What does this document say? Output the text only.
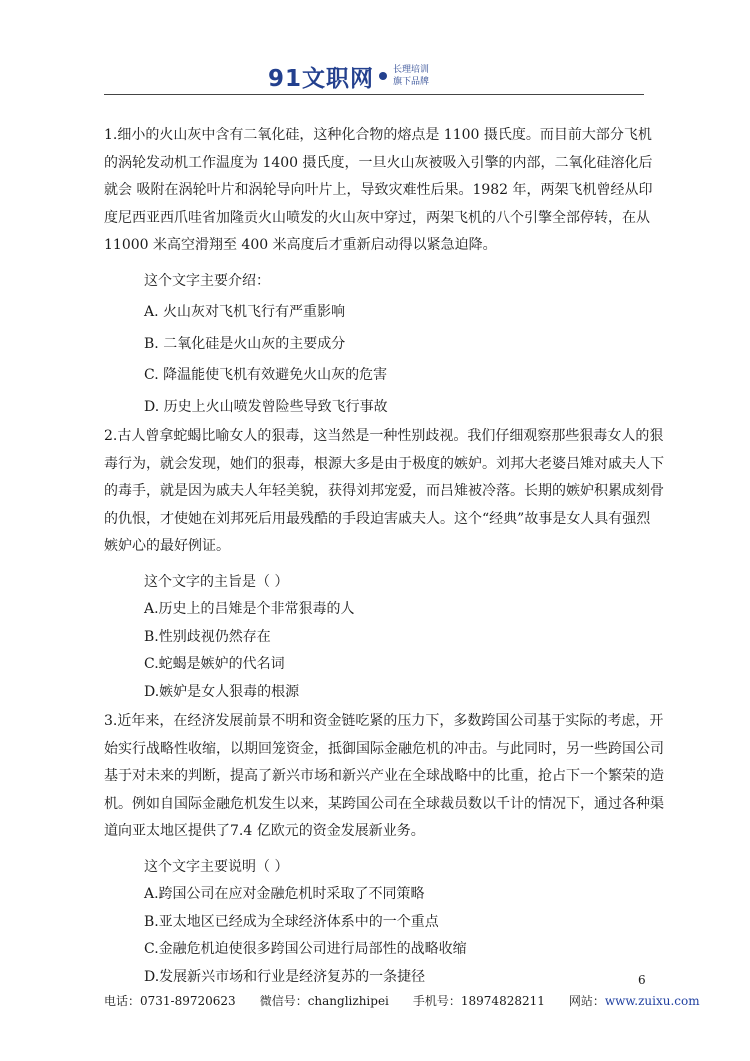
91文职网 长理培训
旗下品牌

1.细小的火山灰中含有二氧化硅，这种化合物的熔点是 1100 摄氏度。而目前大部分飞机
的涡轮发动机工作温度为 1400 摄氏度，一旦火山灰被吸入引擎的内部，二氧化硅溶化后
就会 吸附在涡轮叶片和涡轮导向叶片上，导致灾难性后果。1982 年，两架飞机曾经从印
度尼西亚西爪哇省加隆贡火山喷发的火山灰中穿过，两架飞机的八个引擎全部停转，在从
11000 米高空滑翔至 400 米高度后才重新启动得以紧急迫降。

这个文字主要介绍：

A. 火山灰对飞机飞行有严重影响

B. 二氧化硅是火山灰的主要成分

C. 降温能使飞机有效避免火山灰的危害

D. 历史上火山喷发曾险些导致飞行事故

2.古人曾拿蛇蝎比喻女人的狠毒，这当然是一种性别歧视。我们仔细观察那些狠毒女人的狠
毒行为，就会发现，她们的狠毒，根源大多是由于极度的嫉妒。刘邦大老婆吕雉对戚夫人下
的毒手，就是因为戚夫人年轻美貌，获得刘邦宠爱，而吕雉被冷落。长期的嫉妒积累成刻骨
的仇恨，才使她在刘邦死后用最残酷的手段迫害戚夫人。这个“经典”故事是女人具有强烈
嫉妒心的最好例证。

这个文字的主旨是（ ）

A.历史上的吕雉是个非常狠毒的人

B.性别歧视仍然存在

C.蛇蝎是嫉妒的代名词

D.嫉妒是女人狠毒的根源

3.近年来，在经济发展前景不明和资金链吃紧的压力下，多数跨国公司基于实际的考虑，开
始实行战略性收缩，以期回笼资金，抵御国际金融危机的冲击。与此同时，另一些跨国公司
基于对未来的判断，提高了新兴市场和新兴产业在全球战略中的比重，抢占下一个繁荣的造
机。例如自国际金融危机发生以来，某跨国公司在全球裁员数以千计的情况下，通过各种渠
道向亚太地区提供了7.4 亿欧元的资金发展新业务。

这个文字主要说明（ ）

A.跨国公司在应对金融危机时采取了不同策略

B.亚太地区已经成为全球经济体系中的一个重点

C.金融危机迫使很多跨国公司进行局部性的战略收缩

D.发展新兴市场和行业是经济复苏的一条捷径	6
电话：0731-89720623 微信号：changlizhipei 手机号：18974828211 网站：www.zuixu.com
